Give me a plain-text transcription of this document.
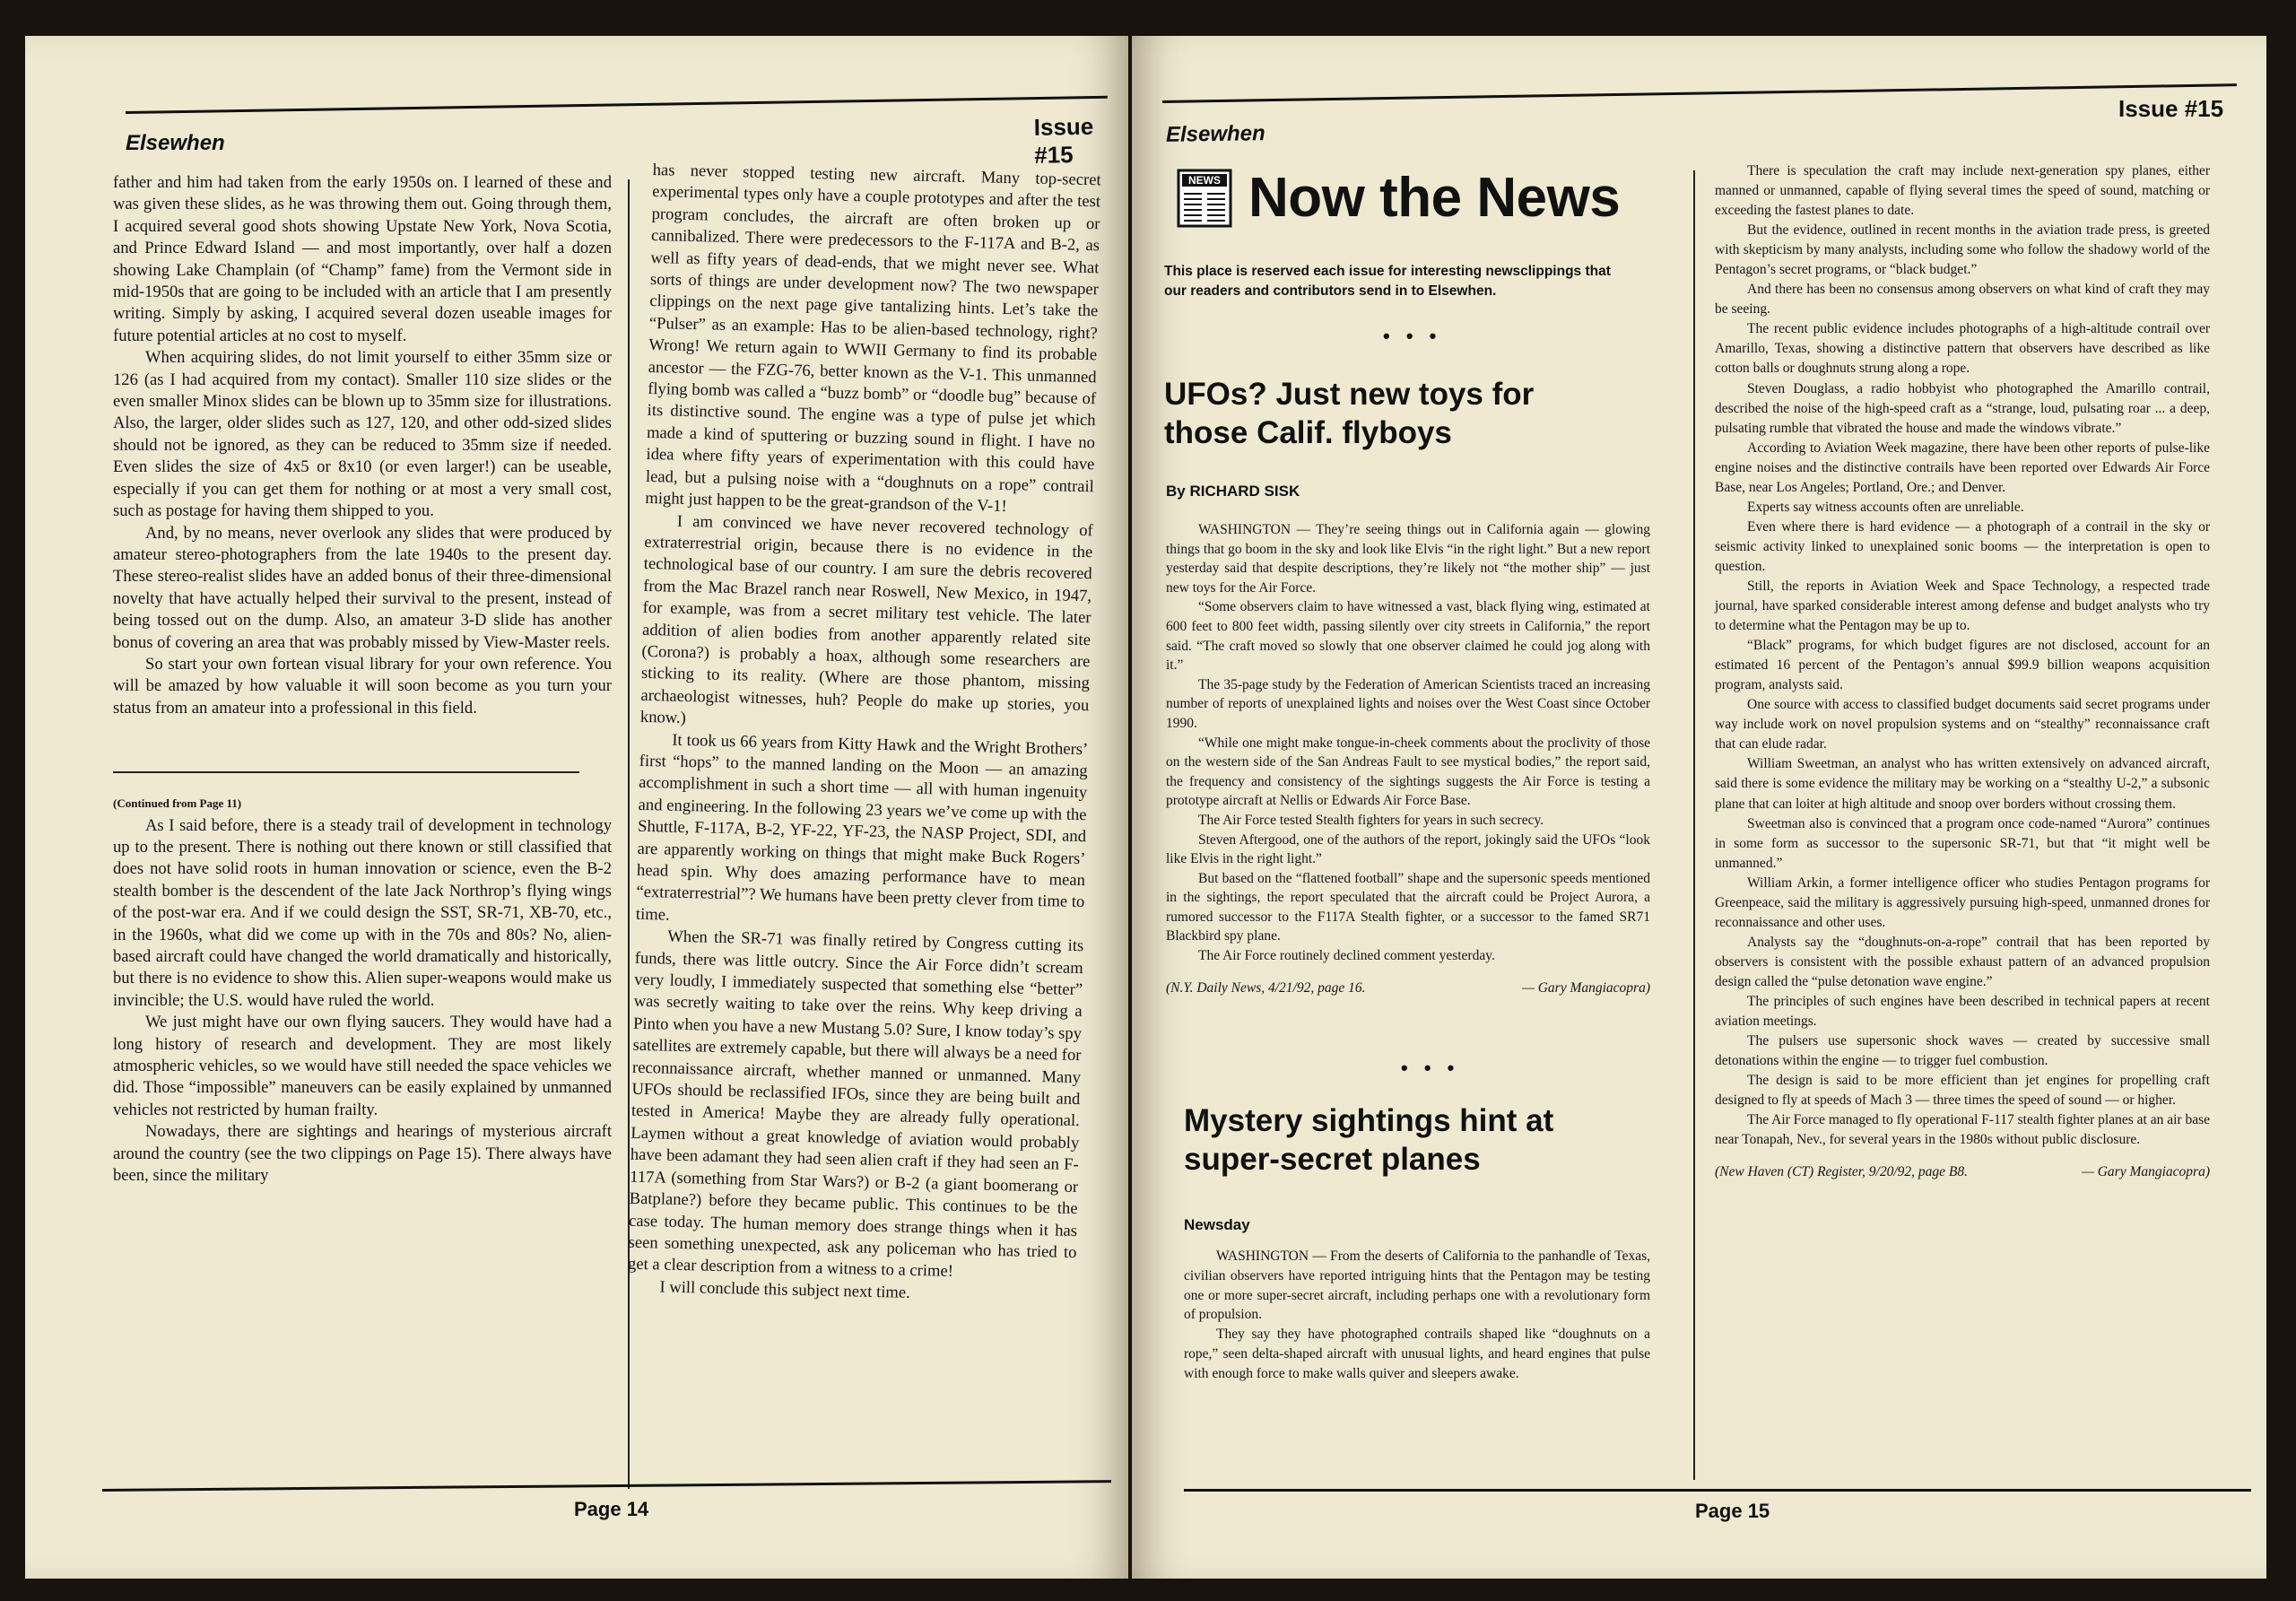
Elsewhen
Issue #15

father and him had taken from the early 1950s on. I learned of these and was given these slides, as he was throwing them out. Going through them, I acquired several good shots showing Upstate New York, Nova Scotia, and Prince Edward Island — and most importantly, over half a dozen showing Lake Champlain (of “Champ” fame) from the Vermont side in mid-1950s that are going to be included with an article that I am presently writing. Simply by asking, I acquired several dozen useable images for future potential articles at no cost to myself.

When acquiring slides, do not limit yourself to either 35mm size or 126 (as I had acquired from my contact). Smaller 110 size slides or the even smaller Minox slides can be blown up to 35mm size for illustrations. Also, the larger, older slides such as 127, 120, and other odd-sized slides should not be ignored, as they can be reduced to 35mm size if needed. Even slides the size of 4x5 or 8x10 (or even larger!) can be useable, especially if you can get them for nothing or at most a very small cost, such as postage for having them shipped to you.

And, by no means, never overlook any slides that were produced by amateur stereo-photographers from the late 1940s to the present day. These stereo-realist slides have an added bonus of their three-dimensional novelty that have actually helped their survival to the present, instead of being tossed out on the dump. Also, an amateur 3-D slide has another bonus of covering an area that was probably missed by View-Master reels.

So start your own fortean visual library for your own reference. You will be amazed by how valuable it will soon become as you turn your status from an amateur into a professional in this field.

(Continued from Page 11)

As I said before, there is a steady trail of development in technology up to the present. There is nothing out there known or still classified that does not have solid roots in human innovation or science, even the B-2 stealth bomber is the descendent of the late Jack Northrop’s flying wings of the post-war era. And if we could design the SST, SR-71, XB-70, etc., in the 1960s, what did we come up with in the 70s and 80s? No, alien-based aircraft could have changed the world dramatically and historically, but there is no evidence to show this. Alien super-weapons would make us invincible; the U.S. would have ruled the world.

We just might have our own flying saucers. They would have had a long history of research and development. They are most likely atmospheric vehicles, so we would have still needed the space vehicles we did. Those “impossible” maneuvers can be easily explained by unmanned vehicles not restricted by human frailty.

Nowadays, there are sightings and hearings of mysterious aircraft around the country (see the two clippings on Page 15). There always have been, since the military

has never stopped testing new aircraft. Many top-secret experimental types only have a couple prototypes and after the test program concludes, the aircraft are often broken up or cannibalized. There were predecessors to the F-117A and B-2, as well as fifty years of dead-ends, that we might never see. What sorts of things are under development now? The two newspaper clippings on the next page give tantalizing hints. Let’s take the “Pulser” as an example: Has to be alien-based technology, right? Wrong! We return again to WWII Germany to find its probable ancestor — the FZG-76, better known as the V-1. This unmanned flying bomb was called a “buzz bomb” or “doodle bug” because of its distinctive sound. The engine was a type of pulse jet which made a kind of sputtering or buzzing sound in flight. I have no idea where fifty years of experimentation with this could have lead, but a pulsing noise with a “doughnuts on a rope” contrail might just happen to be the great-grandson of the V-1!

I am convinced we have never recovered technology of extraterrestrial origin, because there is no evidence in the technological base of our country. I am sure the debris recovered from the Mac Brazel ranch near Roswell, New Mexico, in 1947, for example, was from a secret military test vehicle. The later addition of alien bodies from another apparently related site (Corona?) is probably a hoax, although some researchers are sticking to its reality. (Where are those phantom, missing archaeologist witnesses, huh? People do make up stories, you know.)

It took us 66 years from Kitty Hawk and the Wright Brothers’ first “hops” to the manned landing on the Moon — an amazing accomplishment in such a short time — all with human ingenuity and engineering. In the following 23 years we’ve come up with the Shuttle, F-117A, B-2, YF-22, YF-23, the NASP Project, SDI, and are apparently working on things that might make Buck Rogers’ head spin. Why does amazing performance have to mean “extraterrestrial”? We humans have been pretty clever from time to time.

When the SR-71 was finally retired by Congress cutting its funds, there was little outcry. Since the Air Force didn’t scream very loudly, I immediately suspected that something else “better” was secretly waiting to take over the reins. Why keep driving a Pinto when you have a new Mustang 5.0? Sure, I know today’s spy satellites are extremely capable, but there will always be a need for reconnaissance aircraft, whether manned or unmanned. Many UFOs should be reclassified IFOs, since they are being built and tested in America! Maybe they are already fully operational. Laymen without a great knowledge of aviation would probably have been adamant they had seen alien craft if they had seen an F-117A (something from Star Wars?) or B-2 (a giant boomerang or Batplane?) before they became public. This continues to be the case today. The human memory does strange things when it has seen something unexpected, ask any policeman who has tried to get a clear description from a witness to a crime!

I will conclude this subject next time.

Page 14
Elsewhen
Issue #15
NEWS Now the News
This place is reserved each issue for interesting newsclippings that our readers and contributors send in to Elsewhen.
• • •
UFOs? Just new toys for those Calif. flyboys
By RICHARD SISK

WASHINGTON — They’re seeing things out in California again — glowing things that go boom in the sky and look like Elvis “in the right light.” But a new report yesterday said that despite descriptions, they’re likely not “the mother ship” — just new toys for the Air Force.

“Some observers claim to have witnessed a vast, black flying wing, estimated at 600 feet to 800 feet width, passing silently over city streets in California,” the report said. “The craft moved so slowly that one observer claimed he could jog along with it.”

The 35-page study by the Federation of American Scientists traced an increasing number of reports of unexplained lights and noises over the West Coast since October 1990.

“While one might make tongue-in-cheek comments about the proclivity of those on the western side of the San Andreas Fault to see mystical bodies,” the report said, the frequency and consistency of the sightings suggests the Air Force is testing a prototype aircraft at Nellis or Edwards Air Force Base.

The Air Force tested Stealth fighters for years in such secrecy.

Steven Aftergood, one of the authors of the report, jokingly said the UFOs “look like Elvis in the right light.”

But based on the “flattened football” shape and the supersonic speeds mentioned in the sightings, the report speculated that the aircraft could be Project Aurora, a rumored successor to the F117A Stealth fighter, or a successor to the famed SR71 Blackbird spy plane.

The Air Force routinely declined comment yesterday.

(N.Y. Daily News, 4/21/92, page 16.	— Gary Mangiacopra)
• • •
Mystery sightings hint at super-secret planes
Newsday

WASHINGTON — From the deserts of California to the panhandle of Texas, civilian observers have reported intriguing hints that the Pentagon may be testing one or more super-secret aircraft, including perhaps one with a revolutionary form of propulsion.

They say they have photographed contrails shaped like “doughnuts on a rope,” seen delta-shaped aircraft with unusual lights, and heard engines that pulse with enough force to make walls quiver and sleepers awake.

There is speculation the craft may include next-generation spy planes, either manned or unmanned, capable of flying several times the speed of sound, matching or exceeding the fastest planes to date.

But the evidence, outlined in recent months in the aviation trade press, is greeted with skepticism by many analysts, including some who follow the shadowy world of the Pentagon’s secret programs, or “black budget.”

And there has been no consensus among observers on what kind of craft they may be seeing.

The recent public evidence includes photographs of a high-altitude contrail over Amarillo, Texas, showing a distinctive pattern that observers have described as like cotton balls or doughnuts strung along a rope.

Steven Douglass, a radio hobbyist who photographed the Amarillo contrail, described the noise of the high-speed craft as a “strange, loud, pulsating roar ... a deep, pulsating rumble that vibrated the house and made the windows vibrate.”

According to Aviation Week magazine, there have been other reports of pulse-like engine noises and the distinctive contrails have been reported over Edwards Air Force Base, near Los Angeles; Portland, Ore.; and Denver.

Experts say witness accounts often are unreliable.

Even where there is hard evidence — a photograph of a contrail in the sky or seismic activity linked to unexplained sonic booms — the interpretation is open to question.

Still, the reports in Aviation Week and Space Technology, a respected trade journal, have sparked considerable interest among defense and budget analysts who try to determine what the Pentagon may be up to.

“Black” programs, for which budget figures are not disclosed, account for an estimated 16 percent of the Pentagon’s annual $99.9 billion weapons acquisition program, analysts said.

One source with access to classified budget documents said secret programs under way include work on novel propulsion systems and on “stealthy” reconnaissance craft that can elude radar.

William Sweetman, an analyst who has written extensively on advanced aircraft, said there is some evidence the military may be working on a “stealthy U-2,” a subsonic plane that can loiter at high altitude and snoop over borders without crossing them.

Sweetman also is convinced that a program once code-named “Aurora” continues in some form as successor to the supersonic SR-71, but that “it might well be unmanned.”

William Arkin, a former intelligence officer who studies Pentagon programs for Greenpeace, said the military is aggressively pursuing high-speed, unmanned drones for reconnaissance and other uses.

Analysts say the “doughnuts-on-a-rope” contrail that has been reported by observers is consistent with the possible exhaust pattern of an advanced propulsion design called the “pulse detonation wave engine.”

The principles of such engines have been described in technical papers at recent aviation meetings.

The pulsers use supersonic shock waves — created by successive small detonations within the engine — to trigger fuel combustion.

The design is said to be more efficient than jet engines for propelling craft designed to fly at speeds of Mach 3 — three times the speed of sound — or higher.

The Air Force managed to fly operational F-117 stealth fighter planes at an air base near Tonapah, Nev., for several years in the 1980s without public disclosure.

(New Haven (CT) Register, 9/20/92, page B8.	— Gary Mangiacopra)
Page 15
